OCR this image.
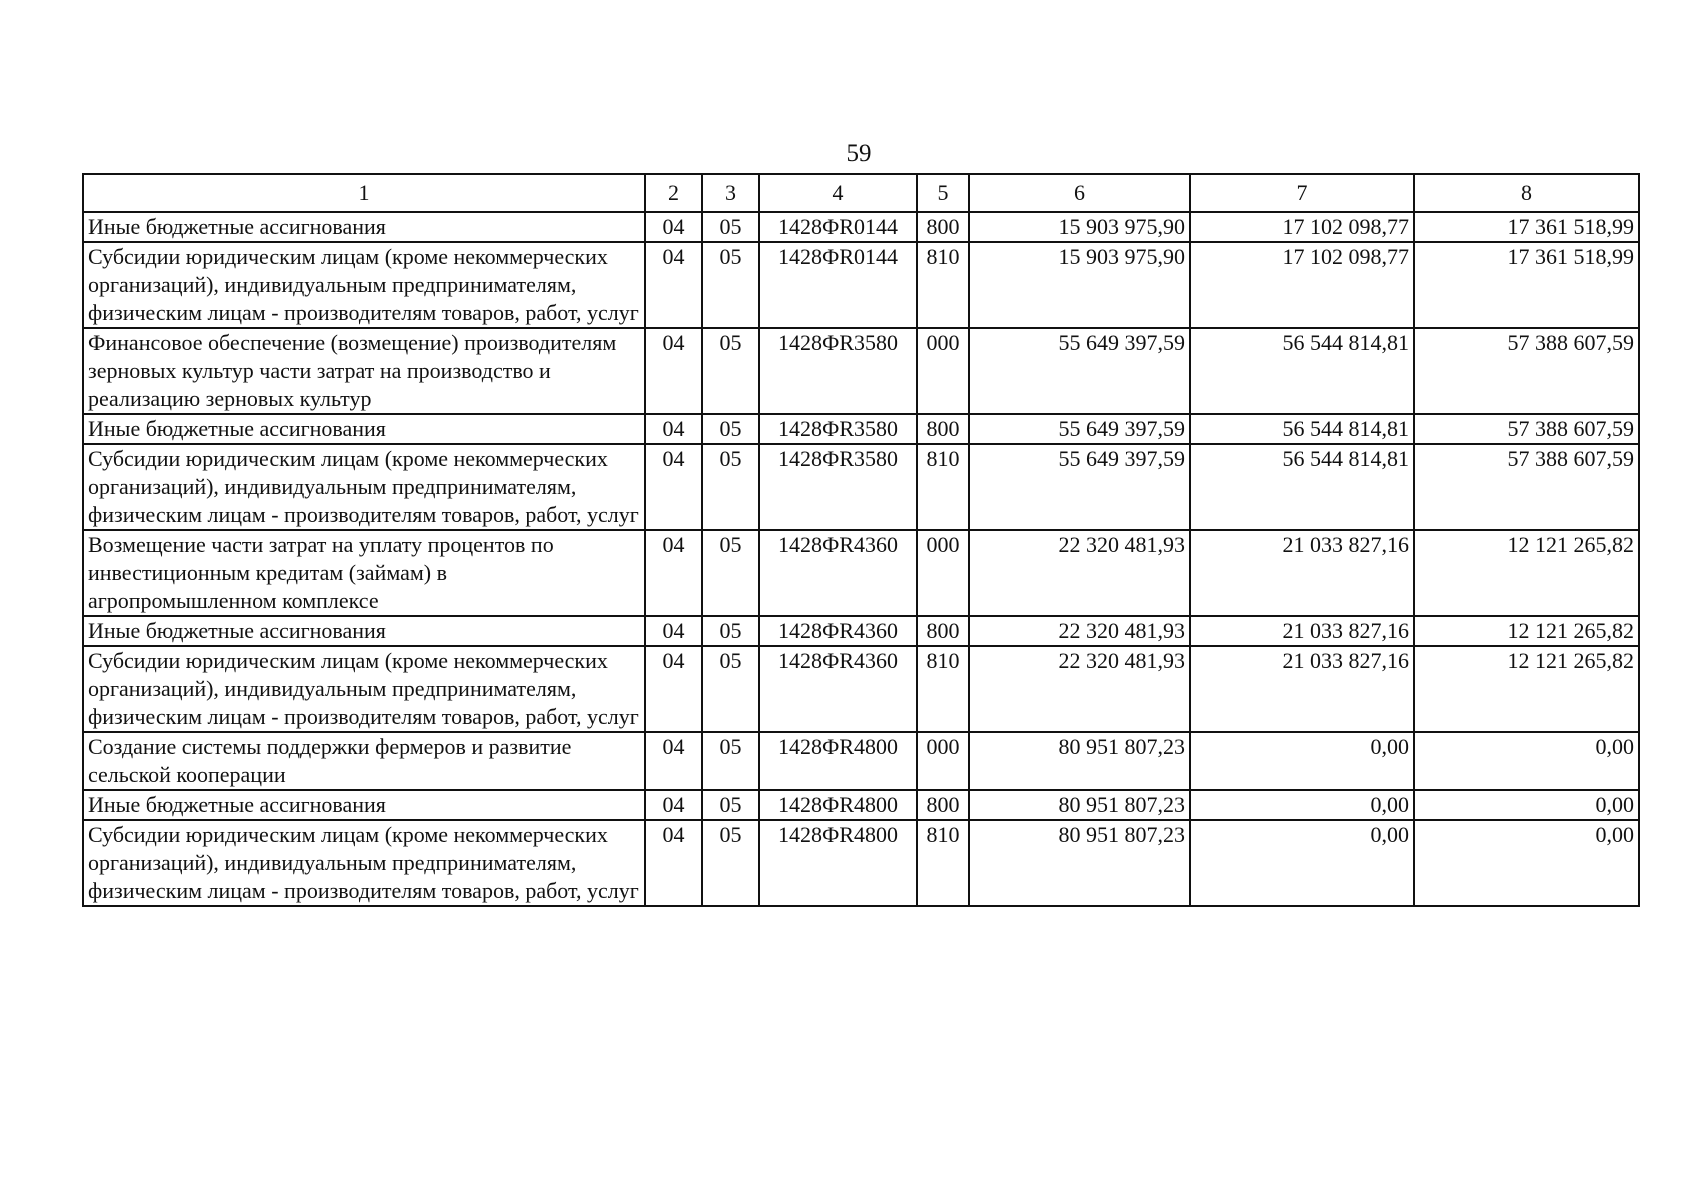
59
1	2	3	4	5	6	7	8
Иные бюджетные ассигнования	04	05	1428ФR0144	800	15 903 975,90	17 102 098,77	17 361 518,99
Субсидии юридическим лицам (кроме некоммерческих организаций), индивидуальным предпринимателям, физическим лицам - производителям товаров, работ, услуг	04	05	1428ФR0144	810	15 903 975,90	17 102 098,77	17 361 518,99
Финансовое обеспечение (возмещение) производителям зерновых культур части затрат на производство и реализацию зерновых культур	04	05	1428ФR3580	000	55 649 397,59	56 544 814,81	57 388 607,59
Иные бюджетные ассигнования	04	05	1428ФR3580	800	55 649 397,59	56 544 814,81	57 388 607,59
Субсидии юридическим лицам (кроме некоммерческих организаций), индивидуальным предпринимателям, физическим лицам - производителям товаров, работ, услуг	04	05	1428ФR3580	810	55 649 397,59	56 544 814,81	57 388 607,59
Возмещение части затрат на уплату процентов по инвестиционным кредитам (займам) в агропромышленном комплексе	04	05	1428ФR4360	000	22 320 481,93	21 033 827,16	12 121 265,82
Иные бюджетные ассигнования	04	05	1428ФR4360	800	22 320 481,93	21 033 827,16	12 121 265,82
Субсидии юридическим лицам (кроме некоммерческих организаций), индивидуальным предпринимателям, физическим лицам - производителям товаров, работ, услуг	04	05	1428ФR4360	810	22 320 481,93	21 033 827,16	12 121 265,82
Создание системы поддержки фермеров и развитие сельской кооперации	04	05	1428ФR4800	000	80 951 807,23	0,00	0,00
Иные бюджетные ассигнования	04	05	1428ФR4800	800	80 951 807,23	0,00	0,00
Субсидии юридическим лицам (кроме некоммерческих организаций), индивидуальным предпринимателям, физическим лицам - производителям товаров, работ, услуг	04	05	1428ФR4800	810	80 951 807,23	0,00	0,00
